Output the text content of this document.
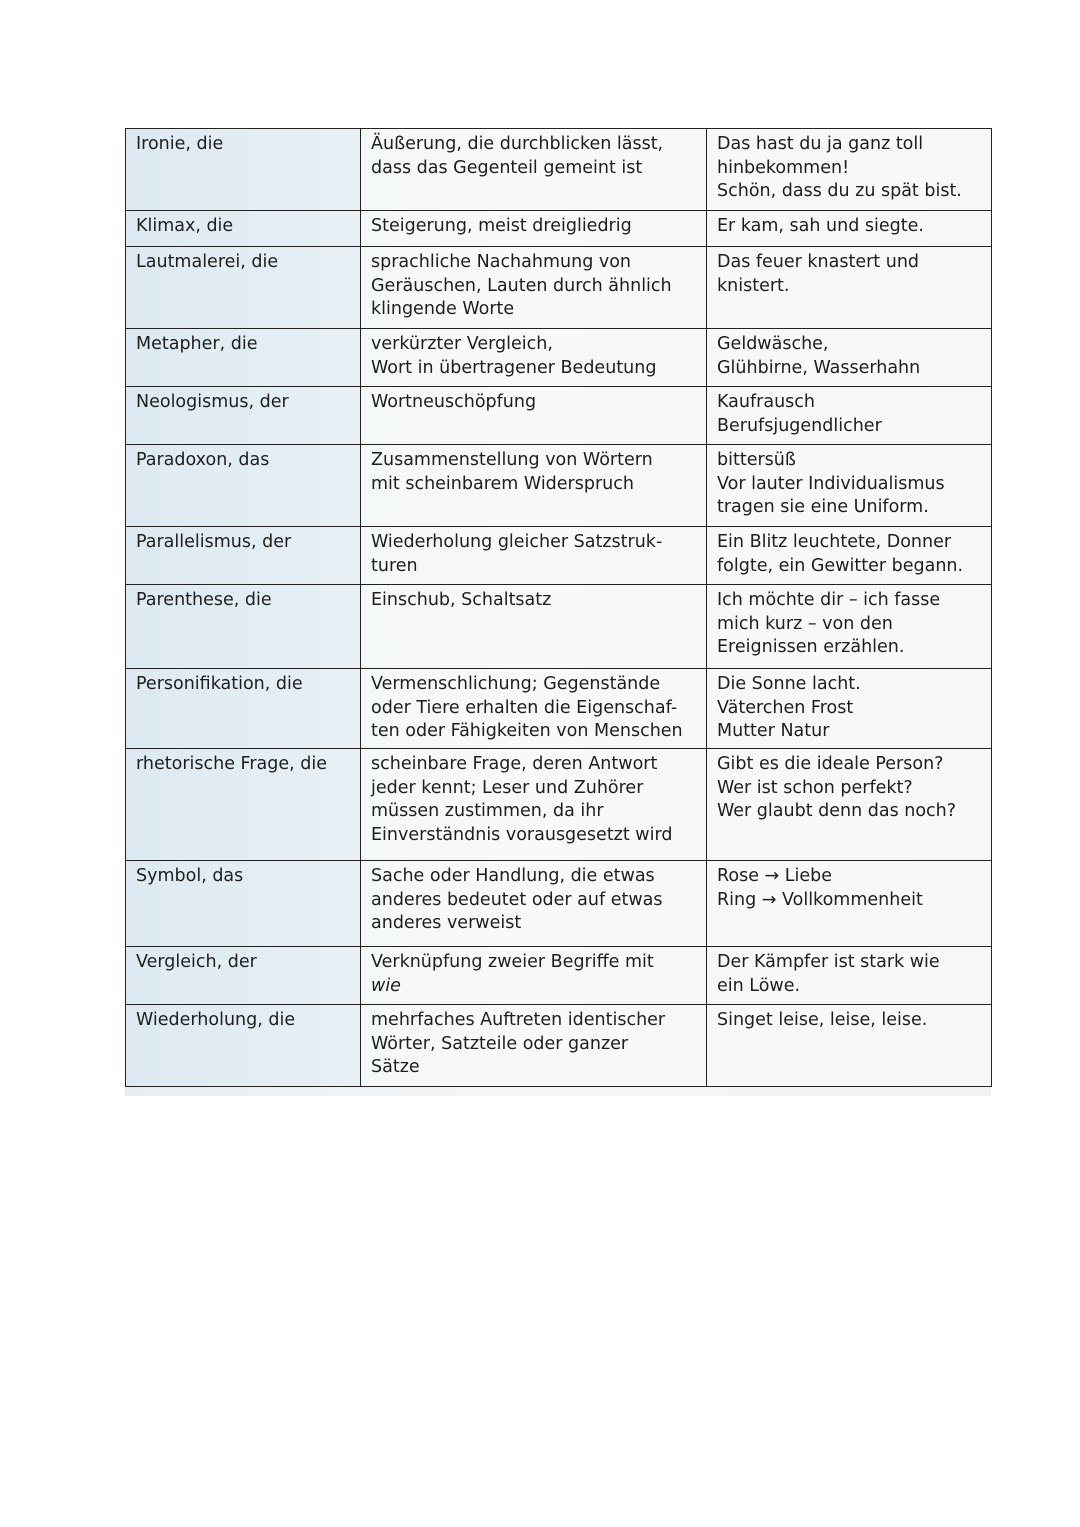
Ironie, die	Äußerung, die durchblicken lässt,
dass das Gegenteil gemeint ist	Das hast du ja ganz toll
hinbekommen!
Schön, dass du zu spät bist.

Klimax, die	Steigerung, meist dreigliedrig	Er kam, sah und siegte.

Lautmalerei, die	sprachliche Nachahmung von
Geräuschen, Lauten durch ähnlich
klingende Worte	Das feuer knastert und
knistert.

Metapher, die	verkürzter Vergleich,
Wort in übertragener Bedeutung	Geldwäsche,
Glühbirne, Wasserhahn

Neologismus, der	Wortneuschöpfung	Kaufrausch
Berufsjugendlicher

Paradoxon, das	Zusammenstellung von Wörtern
mit scheinbarem Widerspruch	bittersüß
Vor lauter Individualismus
tragen sie eine Uniform.

Parallelismus, der	Wiederholung gleicher Satzstruk-
turen	Ein Blitz leuchtete, Donner
folgte, ein Gewitter begann.

Parenthese, die	Einschub, Schaltsatz	Ich möchte dir – ich fasse
mich kurz – von den
Ereignissen erzählen.

Personifikation, die	Vermenschlichung; Gegenstände
oder Tiere erhalten die Eigenschaf-
ten oder Fähigkeiten von Menschen	Die Sonne lacht.
Väterchen Frost
Mutter Natur

rhetorische Frage, die	scheinbare Frage, deren Antwort
jeder kennt; Leser und Zuhörer
müssen zustimmen, da ihr
Einverständnis vorausgesetzt wird	Gibt es die ideale Person?
Wer ist schon perfekt?
Wer glaubt denn das noch?

Symbol, das	Sache oder Handlung, die etwas
anderes bedeutet oder auf etwas
anderes verweist	Rose → Liebe
Ring → Vollkommenheit

Vergleich, der	Verknüpfung zweier Begriffe mit
wie	Der Kämpfer ist stark wie
ein Löwe.

Wiederholung, die	mehrfaches Auftreten identischer
Wörter, Satzteile oder ganzer
Sätze	Singet leise, leise, leise.
